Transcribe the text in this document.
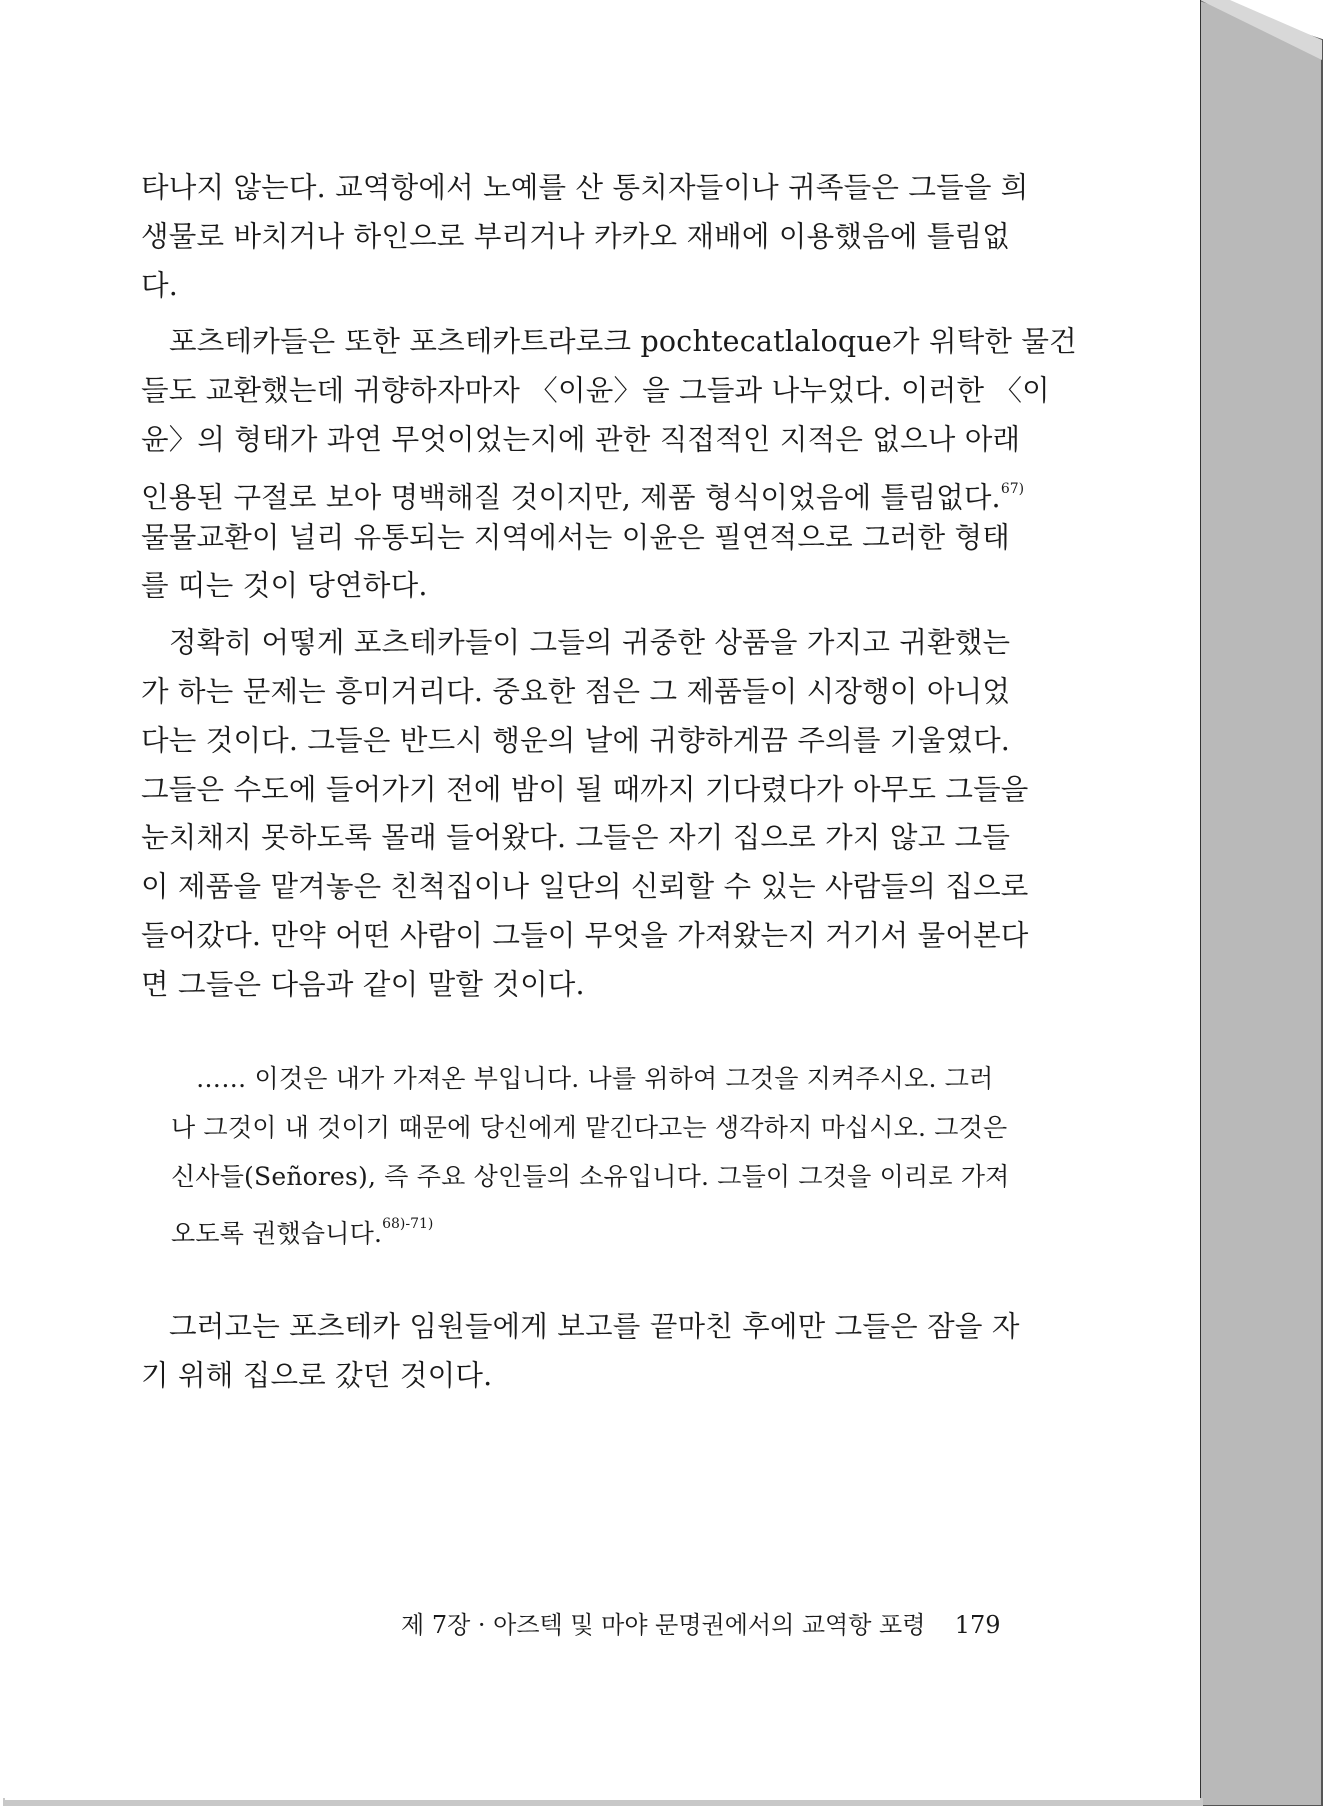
타나지 않는다. 교역항에서 노예를 산 통치자들이나 귀족들은 그들을 희
생물로 바치거나 하인으로 부리거나 카카오 재배에 이용했음에 틀림없
다.
포츠테카들은 또한 포츠테카트라로크 pochtecatlaloque가 위탁한 물건
들도 교환했는데 귀향하자마자 〈이윤〉을 그들과 나누었다. 이러한 〈이
윤〉의 형태가 과연 무엇이었는지에 관한 직접적인 지적은 없으나 아래
인용된 구절로 보아 명백해질 것이지만, 제품 형식이었음에 틀림없다.$^{67)}$
물물교환이 널리 유통되는 지역에서는 이윤은 필연적으로 그러한 형태
를 띠는 것이 당연하다.
정확히 어떻게 포츠테카들이 그들의 귀중한 상품을 가지고 귀환했는
가 하는 문제는 흥미거리다. 중요한 점은 그 제품들이 시장행이 아니었
다는 것이다. 그들은 반드시 행운의 날에 귀향하게끔 주의를 기울였다.
그들은 수도에 들어가기 전에 밤이 될 때까지 기다렸다가 아무도 그들을
눈치채지 못하도록 몰래 들어왔다. 그들은 자기 집으로 가지 않고 그들
이 제품을 맡겨놓은 친척집이나 일단의 신뢰할 수 있는 사람들의 집으로
들어갔다. 만약 어떤 사람이 그들이 무엇을 가져왔는지 거기서 물어본다
면 그들은 다음과 같이 말할 것이다.
…… 이것은 내가 가져온 부입니다. 나를 위하여 그것을 지켜주시오. 그러
나 그것이 내 것이기 때문에 당신에게 맡긴다고는 생각하지 마십시오. 그것은
신사들(Señores), 즉 주요 상인들의 소유입니다. 그들이 그것을 이리로 가져
오도록 권했습니다.$^{68)-71)}$
그러고는 포츠테카 임원들에게 보고를 끝마친 후에만 그들은 잠을 자
기 위해 집으로 갔던 것이다.
제 7장 · 아즈텍 및 마야 문명권에서의 교역항 포령 179
